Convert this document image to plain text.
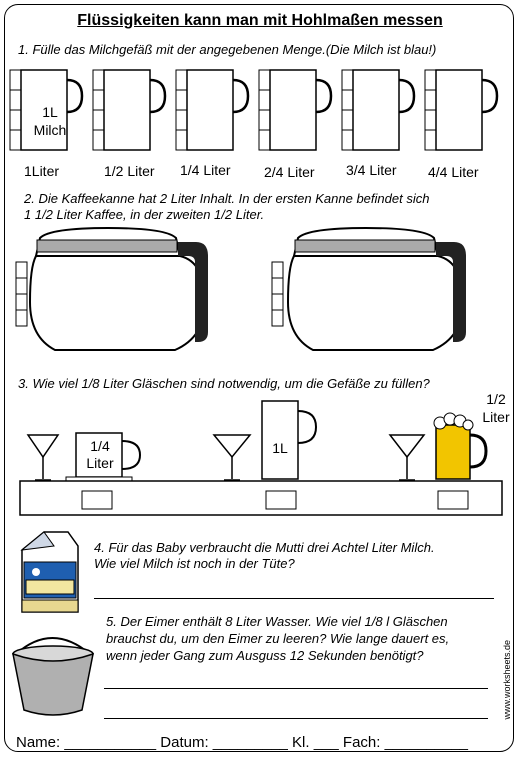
Flüssigkeiten kann man mit Hohlmaßen messen
1. Fülle das Milchgefäß mit der angegebenen Menge.(Die Milch ist blau!)
1L
Milch
1Liter	1/2 Liter 1/4 Liter 2/4 Liter 3/4 Liter 4/4 Liter
2. Die Kaffeekanne hat 2 Liter Inhalt. In der ersten Kanne befindet sich
1 1/2 Liter Kaffee, in der zweiten 1/2 Liter.
3. Wie viel 1/8 Liter Gläschen sind notwendig, um die Gefäße zu füllen?
1/4
Liter
1L
1/2
Liter
4. Für das Baby verbraucht die Mutti drei Achtel Liter Milch.
Wie viel Milch ist noch in der Tüte?
5. Der Eimer enthält 8 Liter Wasser. Wie viel 1/8 l Gläschen
brauchst du, um den Eimer zu leeren? Wie lange dauert es,
wenn jeder Gang zum Ausguss 12 Sekunden benötigt?	www.worksheets.de
Name: ___________ Datum: _________ Kl. ___ Fach: __________
